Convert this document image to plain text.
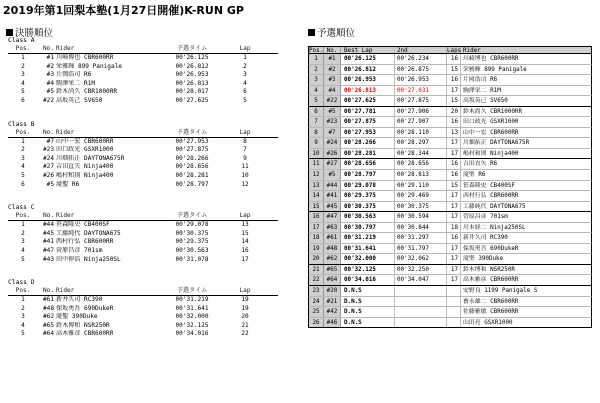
2019年第1回梨本塾(1月27日開催)K-RUN GP
決勝順位	予選順位
Class A
Pos.	No. Rider	予選タイム	Lap
1	#1 川崎博也 CBR600RR	00'26.125	1
2	#2 栄雅輝 899 Panigale	00'26.812	2
3	#3 片岡浩司 R6	00'26.953	3
4	#4 駒澤栄二 R1M	00'26.813	4
5	#5 鈴木尚久 CBR1000RR	00'28.017	6
6	#22 高坂英己 SV650	00'27.625	5
Class B
Pos.	No. Rider	予選タイム	Lap
1	#7 山中一宏 CBR600RR	00'27.953	8
2	#23 田口政光 GSXR1000	00'27.875	7
3	#24 川畑拓正 DAYTONA675R	00'28.266	9
4	#27 吉田直矢 Ninja400	00'28.656	11
5	#26 嶋村和則 Ninja400	00'28.281	10
6	#5 滝聖 R6	00'28.797	12
Class C
Pos.	No. Rider	予選タイム	Lap
1	#44 笹森隆史 CB400SF	00'29.078	13
2	#45 工藤純代 DAYTONA675	00'30.375	15
3	#41 西村行弘 CBR600RR	00'29.375	14
4	#47 菅原昌彦 701sm	00'30.563	16
5	#43 田中伸浩 Ninja250SL	00'31.078	17
Class D
Pos.	No. Rider	予選タイム	Lap
1	#61 新井久司 RC390	00'31.219	19
2	#48 保坂勇吾 690DukeR	00'31.641	19
3	#62 滝聖 390Duke	00'32.000	20
4	#65 鈴木博和 NSR250R	00'32.125	21
5	#64 高木雅彦 CBR600RR	00'34.016	22
Pos. No.	Best Lap	2nd	Laps Rider
1	#1	00'26.125	00'26.234	16 川崎博也 CBR600RR
2	#2	00'26.812	00'26.875	15 栄雅輝 899 Panigale
3	#3	00'26.953	00'26.953	16 片岡浩司 R6
4	#4	00'26.813	00'27.031	17 駒澤栄二 R1M
5	#22	00'27.625	00'27.875	15 高坂英己 SV650
6	#5	00'27.781	00'27.906	20 鈴木尚久 CBR1000RR
7	#23	00'27.875	00'27.907	16 田口政光 GSXR1000
8	#7	00'27.953	00'28.110	13 山中一宏 CBR600RR
9	#24	00'28.266	00'28.297	17 川畑拓正 DAYTONA675R
10	#26	00'28.281	00'28.344	17 嶋村和則 Ninja400
11	#27	00'28.656	00'28.656	16 吉田直矢 R6
12	#5	00'28.797	00'28.813	16 滝聖 R6
13	#44	00'29.078	00'29.110	15 笹森隆史 CB400SF
14	#41	00'29.375	00'29.469	17 西村行弘 CBR600RR
15	#45	00'30.375	00'30.375	17 工藤純代 DAYTONA675
16	#47	00'30.563	00'30.594	17 菅原昌彦 701sm
17	#63	00'30.797	00'30.844	18 川本経二 Ninja250SL
18	#61	00'31.219	00'31.297	16 新井久司 RC390
19	#48	00'31.641	00'31.797	17 保坂勇吾 690DukeR
20	#62	00'32.000	00'32.062	17 滝聖 390Duke
21	#65	00'32.125	00'32.250	17 鈴木博和 NSR250R
22	#64	00'34.016	00'34.047	17 高木雅彦 CBR600RR
23	#20	D.N.S	安野良 1199 Panigale S
24	#21	D.N.S	畜永雄二 CBR600RR
25	#42	D.N.S	佐藤雅敏 CBR600RR
26	#46	D.N.S	山田亮 GSXR1000
